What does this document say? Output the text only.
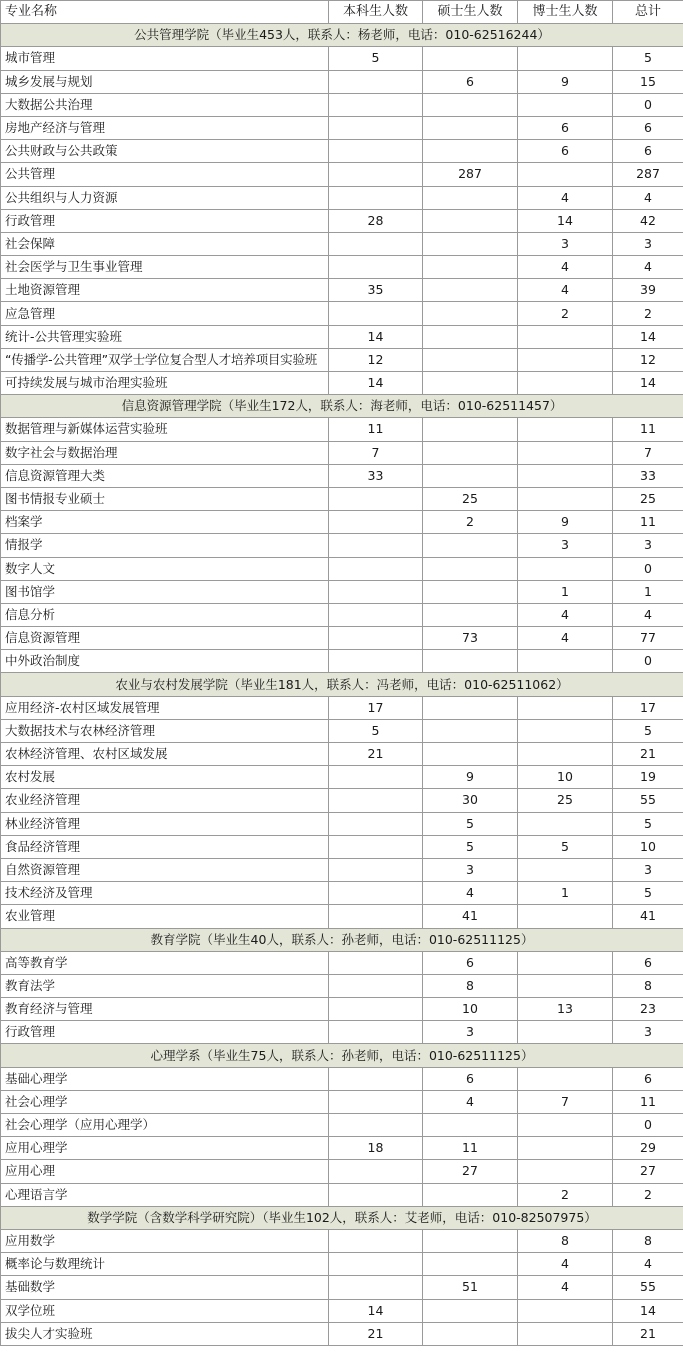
专业名称	本科生人数	硕士生人数	博士生人数	总计
公共管理学院（毕业生453人，联系人：杨老师，电话：010-62516244）				
城市管理	5			5
城乡发展与规划		6	9	15
大数据公共治理				0
房地产经济与管理			6	6
公共财政与公共政策			6	6
公共管理		287		287
公共组织与人力资源			4	4
行政管理	28		14	42
社会保障			3	3
社会医学与卫生事业管理			4	4
土地资源管理	35		4	39
应急管理			2	2
统计-公共管理实验班	14			14
“传播学-公共管理”双学士学位复合型人才培养项目实验班	12			12
可持续发展与城市治理实验班	14			14
信息资源管理学院（毕业生172人，联系人：海老师，电话：010-62511457）				
数据管理与新媒体运营实验班	11			11
数字社会与数据治理	7			7
信息资源管理大类	33			33
图书情报专业硕士		25		25
档案学		2	9	11
情报学			3	3
数字人文				0
图书馆学			1	1
信息分析			4	4
信息资源管理		73	4	77
中外政治制度				0
农业与农村发展学院（毕业生181人，联系人：冯老师，电话：010-62511062）				
应用经济-农村区域发展管理	17			17
大数据技术与农林经济管理	5			5
农林经济管理、农村区域发展	21			21
农村发展		9	10	19
农业经济管理		30	25	55
林业经济管理		5		5
食品经济管理		5	5	10
自然资源管理		3		3
技术经济及管理		4	1	5
农业管理		41		41
教育学院（毕业生40人，联系人：孙老师，电话：010-62511125）				
高等教育学		6		6
教育法学		8		8
教育经济与管理		10	13	23
行政管理		3		3
心理学系（毕业生75人，联系人：孙老师，电话：010-62511125）				
基础心理学		6		6
社会心理学		4	7	11
社会心理学（应用心理学）				0
应用心理学	18	11		29
应用心理		27		27
心理语言学			2	2
数学学院（含数学科学研究院）（毕业生102人，联系人：艾老师，电话：010-82507975）				
应用数学			8	8
概率论与数理统计			4	4
基础数学		51	4	55
双学位班	14			14
拔尖人才实验班	21			21
